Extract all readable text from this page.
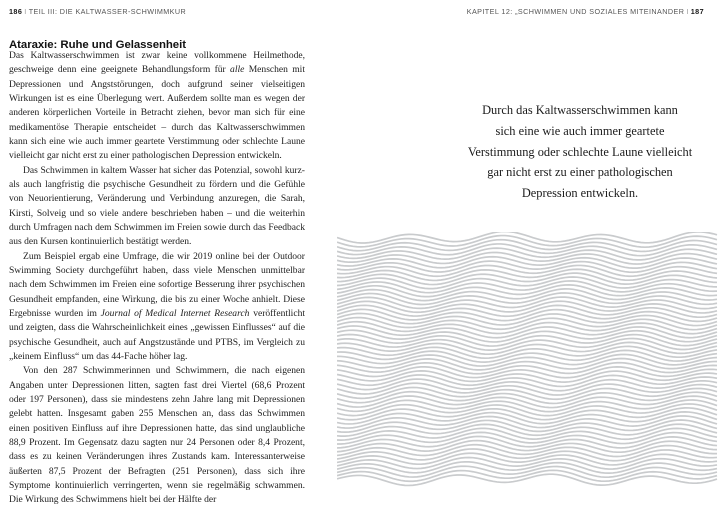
186 I TEIL III: DIE KALTWASSER-SCHWIMMKUR
Ataraxie: Ruhe und Gelassenheit

Das Kaltwasserschwimmen ist zwar keine vollkommene Heilmethode, geschweige denn eine geeignete Behandlungsform für alle Menschen mit Depressionen und Angststörungen, doch aufgrund seiner vielseitigen Wirkungen ist es eine Überlegung wert. Außerdem sollte man es wegen der anderen körperlichen Vorteile in Betracht ziehen, bevor man sich für eine medikamentöse Therapie entscheidet – durch das Kaltwasserschwimmen kann sich eine wie auch immer geartete Verstimmung oder schlechte Laune vielleicht gar nicht erst zu einer pathologischen Depression entwickeln.

Das Schwimmen in kaltem Wasser hat sicher das Potenzial, sowohl kurz- als auch langfristig die psychische Gesundheit zu fördern und die Gefühle von Neuorientierung, Veränderung und Verbindung anzuregen, die Sarah, Kirsti, Solveig und so viele andere beschrieben haben – und die weiterhin durch Umfragen nach dem Schwimmen im Freien sowie durch das Feedback aus den Kursen kontinuierlich bestätigt werden.

Zum Beispiel ergab eine Umfrage, die wir 2019 online bei der Outdoor Swimming Society durchgeführt haben, dass viele Menschen unmittelbar nach dem Schwimmen im Freien eine sofortige Besserung ihrer psychischen Gesundheit empfanden, eine Wirkung, die bis zu einer Woche anhielt. Diese Ergebnisse wurden im Journal of Medical Internet Research veröffentlicht und zeigten, dass die Wahrscheinlichkeit eines „gewissen Einflusses“ auf die psychische Gesundheit, auch auf Angstzustände und PTBS, im Vergleich zu „keinem Einfluss“ um das 44-Fache höher lag.

Von den 287 Schwimmerinnen und Schwimmern, die nach eigenen Angaben unter Depressionen litten, sagten fast drei Viertel (68,6 Prozent oder 197 Personen), dass sie mindestens zehn Jahre lang mit Depressionen gelebt hatten. Insgesamt gaben 255 Menschen an, dass das Schwimmen einen positiven Einfluss auf ihre Depressionen hatte, das sind unglaubliche 88,9 Prozent. Im Gegensatz dazu sagten nur 24 Personen oder 8,4 Prozent, dass es zu keinen Veränderungen ihres Zustands kam. Interessanterweise äußerten 87,5 Prozent der Befragten (251 Personen), dass sich ihre Symptome kontinuierlich verringerten, wenn sie regelmäßig schwammen. Die Wirkung des Schwimmens hielt bei der Hälfte der

KAPITEL 12: „SCHWIMMEN UND SOZIALES MITEINANDER I 187
Durch das Kaltwasserschwimmen kann
sich eine wie auch immer geartete
Verstimmung oder schlechte Laune vielleicht
gar nicht erst zu einer pathologischen
Depression entwickeln.
